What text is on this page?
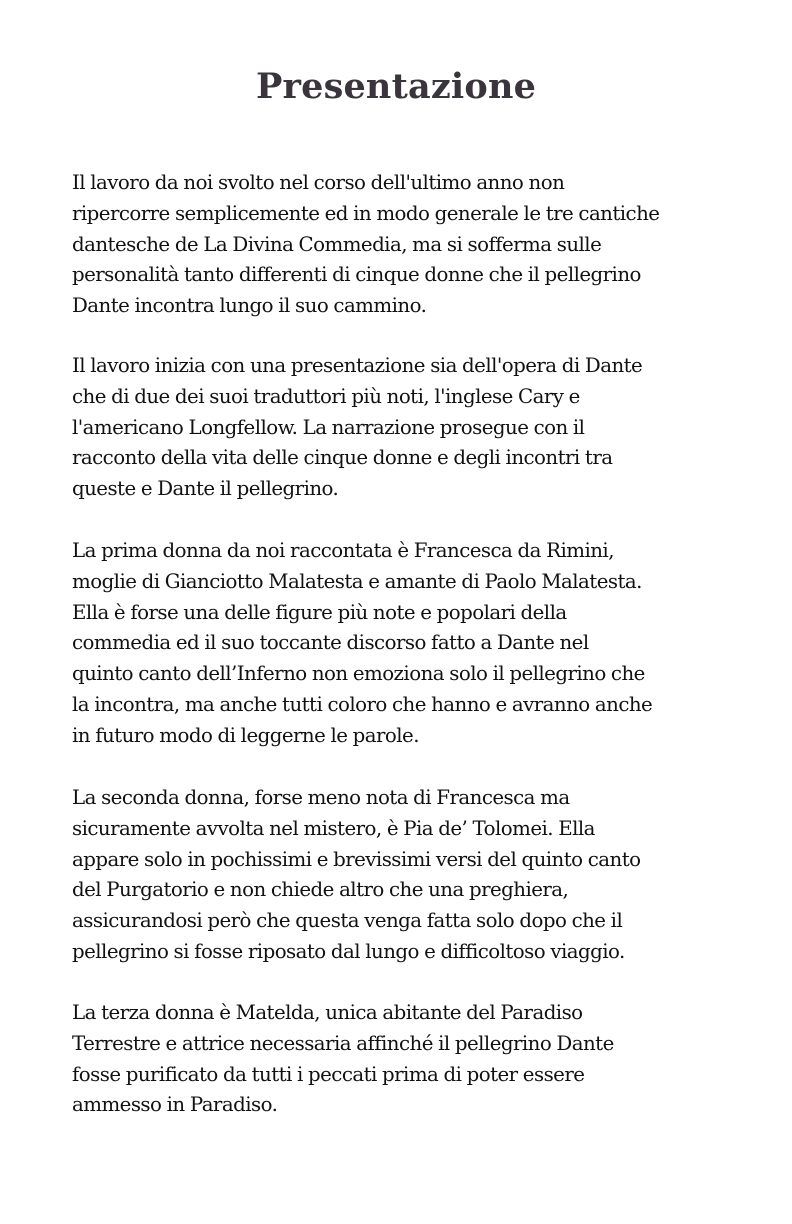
Presentazione

Il lavoro da noi svolto nel corso dell'ultimo anno non
ripercorre semplicemente ed in modo generale le tre cantiche
dantesche de La Divina Commedia, ma si sofferma sulle
personalità tanto differenti di cinque donne che il pellegrino
Dante incontra lungo il suo cammino.

Il lavoro inizia con una presentazione sia dell'opera di Dante
che di due dei suoi traduttori più noti, l'inglese Cary e
l'americano Longfellow. La narrazione prosegue con il
racconto della vita delle cinque donne e degli incontri tra
queste e Dante il pellegrino.

La prima donna da noi raccontata è Francesca da Rimini,
moglie di Gianciotto Malatesta e amante di Paolo Malatesta.
Ella è forse una delle figure più note e popolari della
commedia ed il suo toccante discorso fatto a Dante nel
quinto canto dell’Inferno non emoziona solo il pellegrino che
la incontra, ma anche tutti coloro che hanno e avranno anche
in futuro modo di leggerne le parole.

La seconda donna, forse meno nota di Francesca ma
sicuramente avvolta nel mistero, è Pia de’ Tolomei. Ella
appare solo in pochissimi e brevissimi versi del quinto canto
del Purgatorio e non chiede altro che una preghiera,
assicurandosi però che questa venga fatta solo dopo che il
pellegrino si fosse riposato dal lungo e difficoltoso viaggio.

La terza donna è Matelda, unica abitante del Paradiso
Terrestre e attrice necessaria affinché il pellegrino Dante
fosse purificato da tutti i peccati prima di poter essere
ammesso in Paradiso.
